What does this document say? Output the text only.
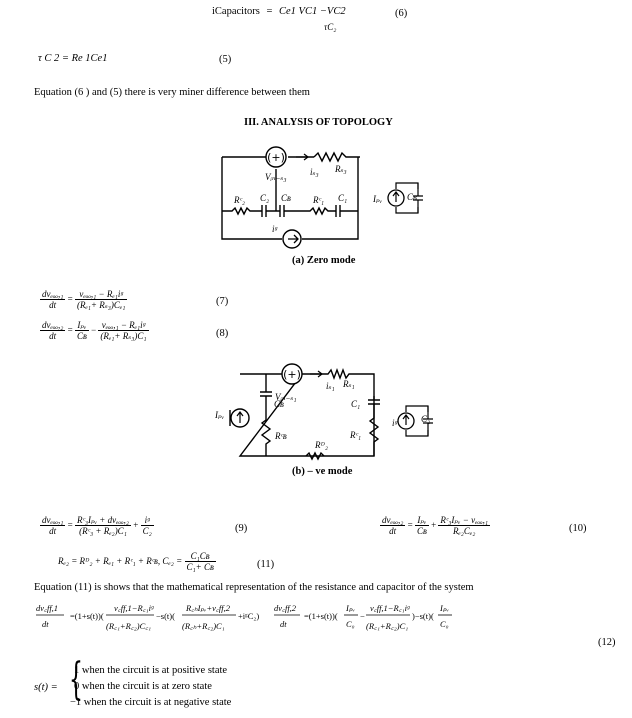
iCapacitors = Ce1 VC1 −VC2
τC₂
(6)
τ C 2 = Re 1Ce1	(5)
Equation (6 ) and (5) there is very miner difference between them
III. ANALYSIS OF TOPOLOGY
(+)
Vᵢₙ₋ₛ₃	iₛ₃ Rₛ₃
Rᶜ₂ C₂ Cʙ Rᶜ₁ C₁
iᵍ
Iₚᵥ	Cʙ
(a) Zero mode
$\frac{\text{dvₑₒₒ,₁}}{dt} = \frac{\text{vₑₒₒ,₁ − Rₑ₁iᵍ}}{\text{(Rₑ₁+ Rₛ₃)Cₑ₁}}$	(7)
$\frac{\text{dvₑₒₒ,₂}}{dt} = \frac{\text{Iₚᵥ}}{\text{Cʙ}} - \frac{\text{vₑₒₒ,₁ − Rₑ₁iᵍ}}{\text{(Rₑ₁+ Rₛ₃)C₁}}$	(8)
(+)
Vᵢₙ₋ₛ₁
iₛ₁ Rₛ₁
Cʙ	C₁
Rᶜʙ
Rᴰ₂
Rᶜ₁
Iₚᵥ
iᵍ	C₂
(b) – ve mode
$\frac{\text{dvₑₒₒ,₁}}{dt} = \frac{\text{Rᶜ₃Iₚᵥ + dvₑₒₒ,₂}}{\text{(Rᶜ₃ + Rₑ₂)C₁}} + \frac{\text{iᵍ}}{\text{C₂}}$	(9)	$\frac{\text{dvₑₒₒ,₂}}{dt} = \frac{\text{Iₚᵥ}}{\text{Cʙ}} + \frac{\text{Rᶜ₃Iₚᵥ − vₑₒₒ,₁}}{\text{Rₑ₂Cₑ₂}}$	(10)
Rₑ₂ = Rᴰ₂ + Rₑ₁ + Rᶜ₁ + Rᶜʙ, $C_{e2} = \frac{\text{C₁Cʙ}}{\text{C₁+ Cʙ}}$	(11)
Equation (11) is shows that the mathematical representation of the resistance and capacitor of the system
dv꜀ff,1
dt
=(1+s(t))(
v꜀ff,1−R꜀₁iᵍ
(R꜀₁+R꜀₂)C꜀₁
−s(t)(
R꜀ₕIₚᵥ+v꜀ff,2
(R꜀ₕ+R꜀₂)C₁
+iᵍC₂)
dv꜀ff,2
dt
=(1+s(t))(
Iₚᵥ
C₀
−
v꜀ff,1−R꜀₁iᵍ
(R꜀₁+R꜀₂)C₁
)−s(t)(
Iₚᵥ
C₀
(12)
s(t) = {
1 when the circuit is at positive state
0 when the circuit is at zero state
−1 when the circuit is at negative state
